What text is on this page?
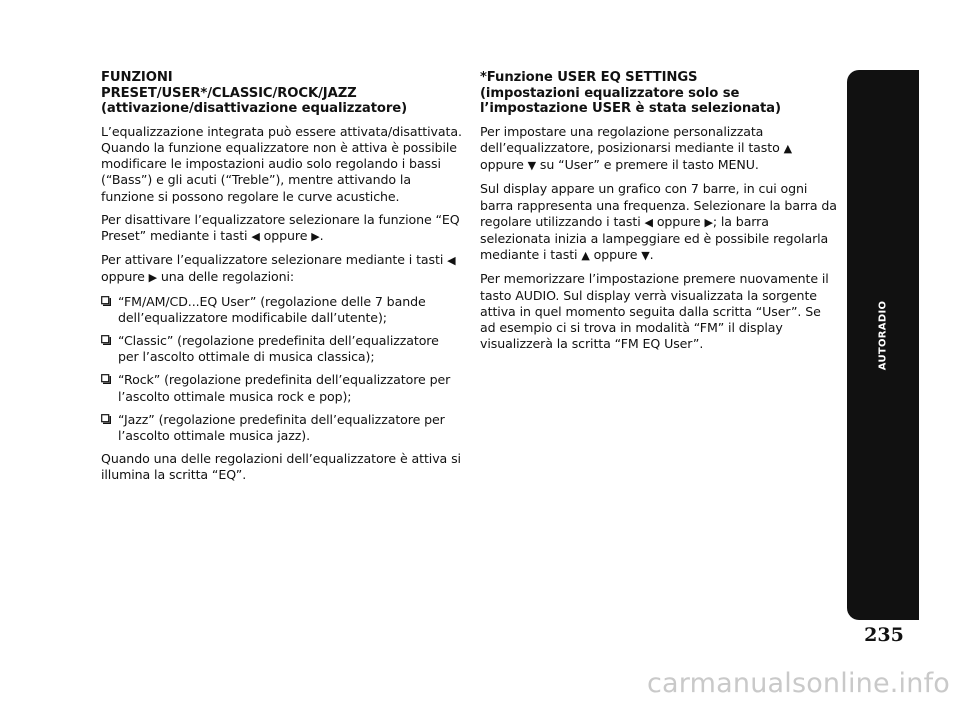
FUNZIONI
PRESET/USER*/CLASSIC/ROCK/JAZZ
(attivazione/disattivazione equalizzatore)

L’equalizzazione integrata può essere attivata/disattivata. Quando la funzione equalizzatore non è attiva è possibile modificare le impostazioni audio solo regolando i bassi (“Bass”) e gli acuti (“Treble”), mentre attivando la funzione si possono regolare le curve acustiche.

Per disattivare l’equalizzatore selezionare la funzione “EQ Preset” mediante i tasti ◀ oppure ▶.

Per attivare l’equalizzatore selezionare mediante i tasti ◀ oppure ▶ una delle regolazioni:

“FM/AM/CD...EQ User” (regolazione delle 7 bande dell’equalizzatore modificabile dall’utente);
“Classic” (regolazione predefinita dell’equalizzatore per l’ascolto ottimale di musica classica);
“Rock” (regolazione predefinita dell’equalizzatore per l’ascolto ottimale musica rock e pop);
“Jazz” (regolazione predefinita dell’equalizzatore per l’ascolto ottimale musica jazz).

Quando una delle regolazioni dell’equalizzatore è attiva si illumina la scritta “EQ”.

*Funzione USER EQ SETTINGS
(impostazioni equalizzatore solo se
l’impostazione USER è stata selezionata)

Per impostare una regolazione personalizzata dell’equalizzatore, posizionarsi mediante il tasto ▲ oppure ▼ su “User” e premere il tasto MENU.

Sul display appare un grafico con 7 barre, in cui ogni barra rappresenta una frequenza. Selezionare la barra da regolare utilizzando i tasti ◀ oppure ▶; la barra selezionata inizia a lampeggiare ed è possibile regolarla mediante i tasti ▲ oppure ▼.

Per memorizzare l’impostazione premere nuovamente il tasto AUDIO. Sul display verrà visualizzata la sorgente attiva in quel momento seguita dalla scritta “User”. Se ad esempio ci si trova in modalità “FM” il display visualizzerà la scritta “FM EQ User”.	AUTORADIO
235
carmanualsonline.info
